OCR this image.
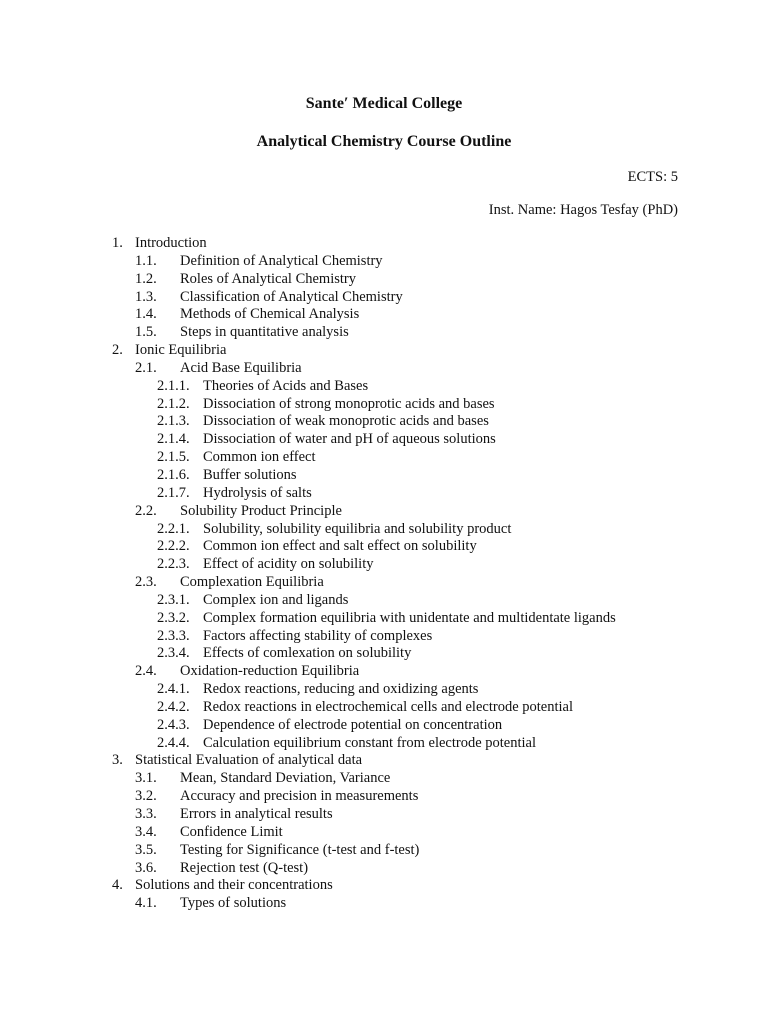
Sante′ Medical College
Analytical Chemistry Course Outline
ECTS: 5
Inst. Name: Hagos Tesfay (PhD)
1. Introduction
1.1. Definition of Analytical Chemistry
1.2. Roles of Analytical Chemistry
1.3. Classification of Analytical Chemistry
1.4. Methods of Chemical Analysis
1.5. Steps in quantitative analysis
2. Ionic Equilibria
2.1. Acid Base Equilibria
2.1.1. Theories of Acids and Bases
2.1.2. Dissociation of strong monoprotic acids and bases
2.1.3. Dissociation of weak monoprotic acids and bases
2.1.4. Dissociation of water and pH of aqueous solutions
2.1.5. Common ion effect
2.1.6. Buffer solutions
2.1.7. Hydrolysis of salts
2.2. Solubility Product Principle
2.2.1. Solubility, solubility equilibria and solubility product
2.2.2. Common ion effect and salt effect on solubility
2.2.3. Effect of acidity on solubility
2.3. Complexation Equilibria
2.3.1. Complex ion and ligands
2.3.2. Complex formation equilibria with unidentate and multidentate ligands
2.3.3. Factors affecting stability of complexes
2.3.4. Effects of comlexation on solubility
2.4. Oxidation-reduction Equilibria
2.4.1. Redox reactions, reducing and oxidizing agents
2.4.2. Redox reactions in electrochemical cells and electrode potential
2.4.3. Dependence of electrode potential on concentration
2.4.4. Calculation equilibrium constant from electrode potential
3. Statistical Evaluation of analytical data
3.1. Mean, Standard Deviation, Variance
3.2. Accuracy and precision in measurements
3.3. Errors in analytical results
3.4. Confidence Limit
3.5. Testing for Significance (t-test and f-test)
3.6. Rejection test (Q-test)
4. Solutions and their concentrations
4.1. Types of solutions
